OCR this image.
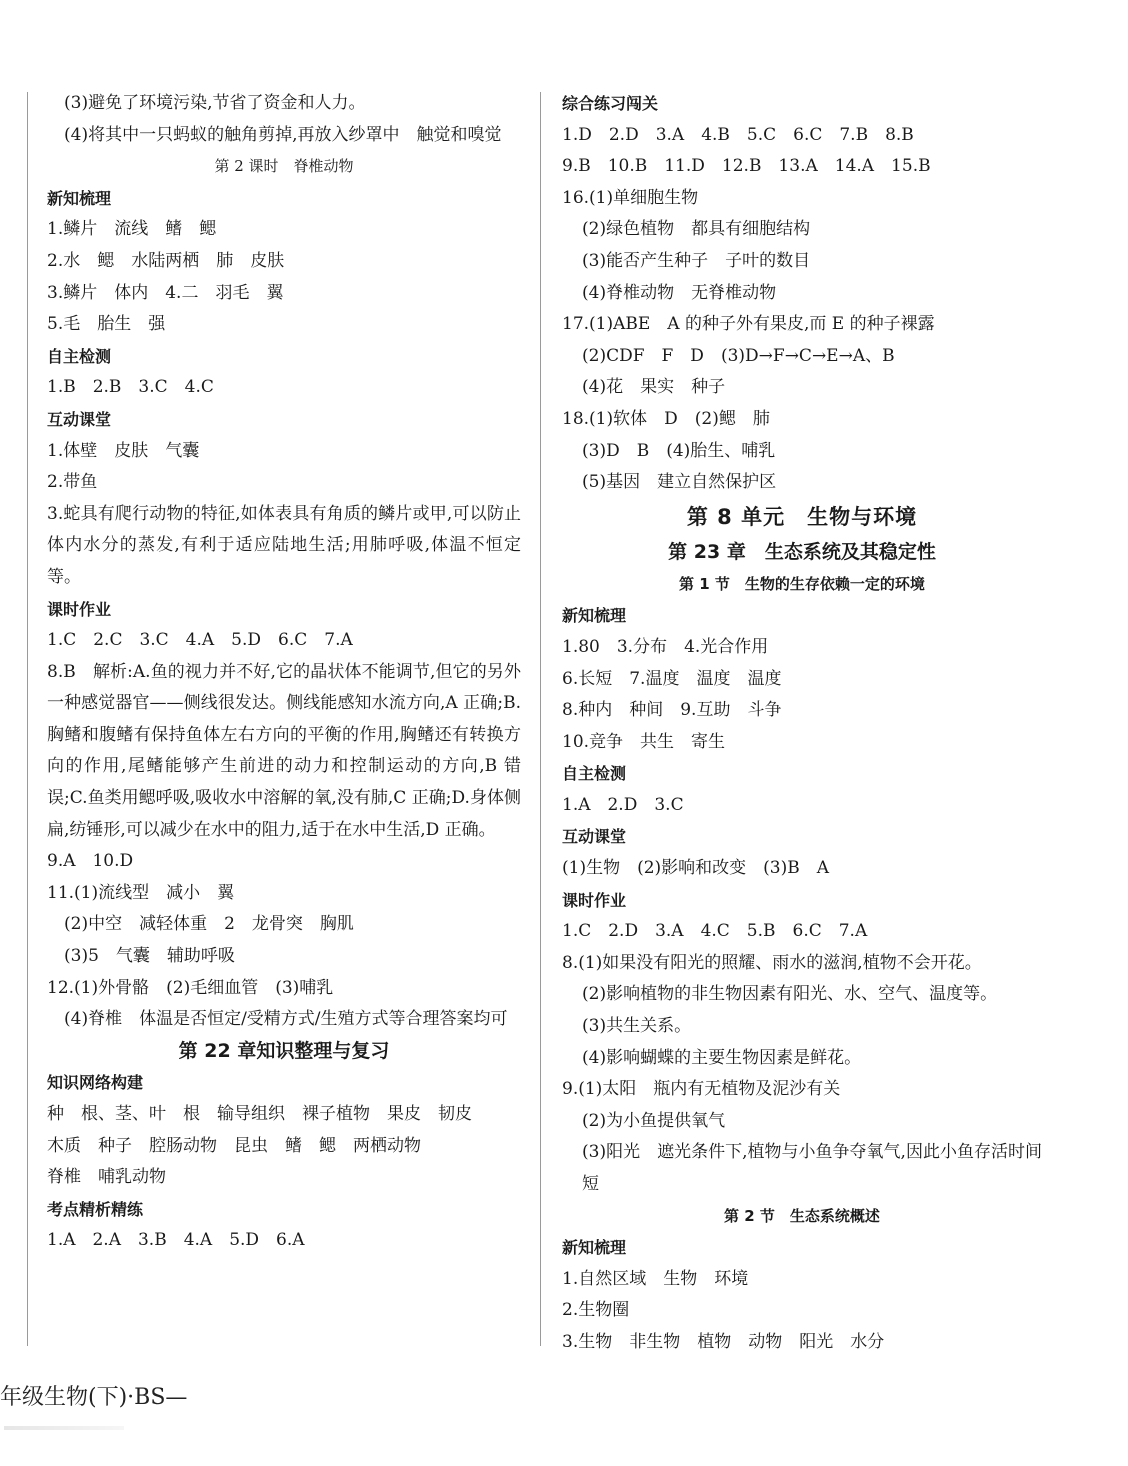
(3)避免了环境污染,节省了资金和人力。
(4)将其中一只蚂蚁的触角剪掉,再放入纱罩中　触觉和嗅觉
第 2 课时　脊椎动物
新知梳理
1.鳞片　流线　鳍　鳃
2.水　鳃　水陆两栖　肺　皮肤
3.鳞片　体内　4.二　羽毛　翼
5.毛　胎生　强
自主检测
1.B　2.B　3.C　4.C
互动课堂
1.体壁　皮肤　气囊
2.带鱼
3.蛇具有爬行动物的特征,如体表具有角质的鳞片或甲,可以防止体内水分的蒸发,有利于适应陆地生活;用肺呼吸,体温不恒定等。
课时作业
1.C　2.C　3.C　4.A　5.D　6.C　7.A
8.B　解析:A.鱼的视力并不好,它的晶状体不能调节,但它的另外一种感觉器官——侧线很发达。侧线能感知水流方向,A 正确;B.胸鳍和腹鳍有保持鱼体左右方向的平衡的作用,胸鳍还有转换方向的作用,尾鳍能够产生前进的动力和控制运动的方向,B 错误;C.鱼类用鳃呼吸,吸收水中溶解的氧,没有肺,C 正确;D.身体侧扁,纺锤形,可以减少在水中的阻力,适于在水中生活,D 正确。
9.A　10.D
11.(1)流线型　减小　翼
(2)中空　减轻体重　2　龙骨突　胸肌
(3)5　气囊　辅助呼吸
12.(1)外骨骼　(2)毛细血管　(3)哺乳
(4)脊椎　体温是否恒定/受精方式/生殖方式等合理答案均可
第 22 章知识整理与复习
知识网络构建
种　根、茎、叶　根　输导组织　裸子植物　果皮　韧皮
木质　种子　腔肠动物　昆虫　鳍　鳃　两栖动物
脊椎　哺乳动物
考点精析精练
1.A　2.A　3.B　4.A　5.D　6.A
综合练习闯关
1.D　2.D　3.A　4.B　5.C　6.C　7.B　8.B
9.B　10.B　11.D　12.B　13.A　14.A　15.B
16.(1)单细胞生物
(2)绿色植物　都具有细胞结构
(3)能否产生种子　子叶的数目
(4)脊椎动物　无脊椎动物
17.(1)ABE　A 的种子外有果皮,而 E 的种子裸露
(2)CDF　F　D　(3)D→F→C→E→A、B
(4)花　果实　种子
18.(1)软体　D　(2)鳃　肺
(3)D　B　(4)胎生、哺乳
(5)基因　建立自然保护区
第 8 单元　生物与环境
第 23 章　生态系统及其稳定性
第 1 节　生物的生存依赖一定的环境
新知梳理
1.80　3.分布　4.光合作用
6.长短　7.温度　温度　温度
8.种内　种间　9.互助　斗争
10.竞争　共生　寄生
自主检测
1.A　2.D　3.C
互动课堂
(1)生物　(2)影响和改变　(3)B　A
课时作业
1.C　2.D　3.A　4.C　5.B　6.C　7.A
8.(1)如果没有阳光的照耀、雨水的滋润,植物不会开花。
(2)影响植物的非生物因素有阳光、水、空气、温度等。
(3)共生关系。
(4)影响蝴蝶的主要生物因素是鲜花。
9.(1)太阳　瓶内有无植物及泥沙有关
(2)为小鱼提供氧气
(3)阳光　遮光条件下,植物与小鱼争夺氧气,因此小鱼存活时间短
第 2 节　生态系统概述
新知梳理
1.自然区域　生物　环境
2.生物圈
3.生物　非生物　植物　动物　阳光　水分
年级生物(下)·BS—
